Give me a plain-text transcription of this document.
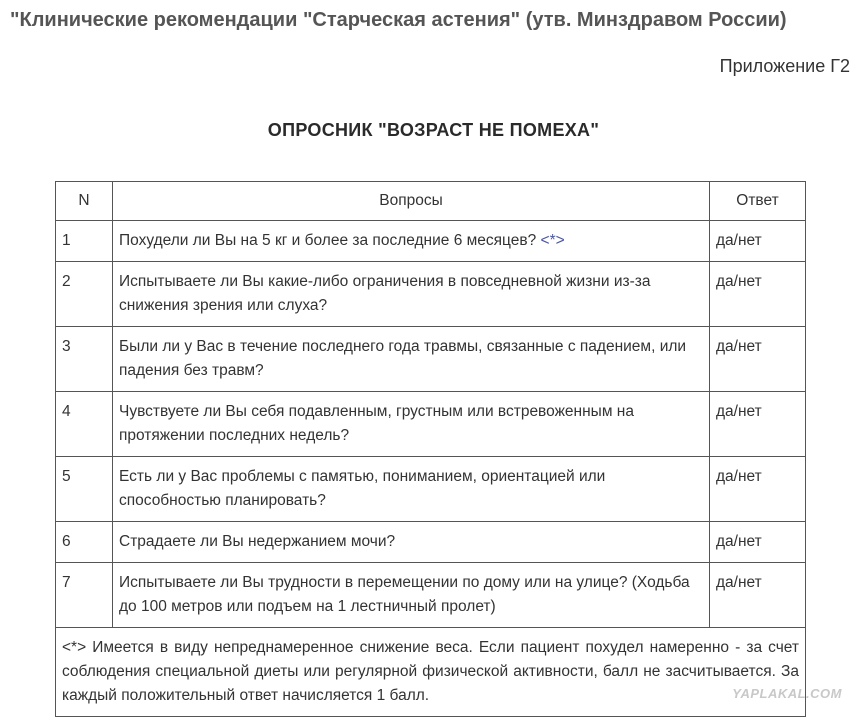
"Клинические рекомендации "Старческая астения" (утв. Минздравом России)
Приложение Г2
ОПРОСНИК "ВОЗРАСТ НЕ ПОМЕХА"
N	Вопросы	Ответ
1	Похудели ли Вы на 5 кг и более за последние 6 месяцев? <*>	да/нет
2	Испытываете ли Вы какие-либо ограничения в повседневной жизни из-за снижения зрения или слуха?	да/нет
3	Были ли у Вас в течение последнего года травмы, связанные с падением, или падения без травм?	да/нет
4	Чувствуете ли Вы себя подавленным, грустным или встревоженным на протяжении последних недель?	да/нет
5	Есть ли у Вас проблемы с памятью, пониманием, ориентацией или способностью планировать?	да/нет
6	Страдаете ли Вы недержанием мочи?	да/нет
7	Испытываете ли Вы трудности в перемещении по дому или на улице? (Ходьба до 100 метров или подъем на 1 лестничный пролет)	да/нет
<*> Имеется в виду непреднамеренное снижение веса. Если пациент похудел намеренно - за счет соблюдения специальной диеты или регулярной физической активности, балл не засчитывается. За каждый положительный ответ начисляется 1 балл.			YAPLAKAL.COM
